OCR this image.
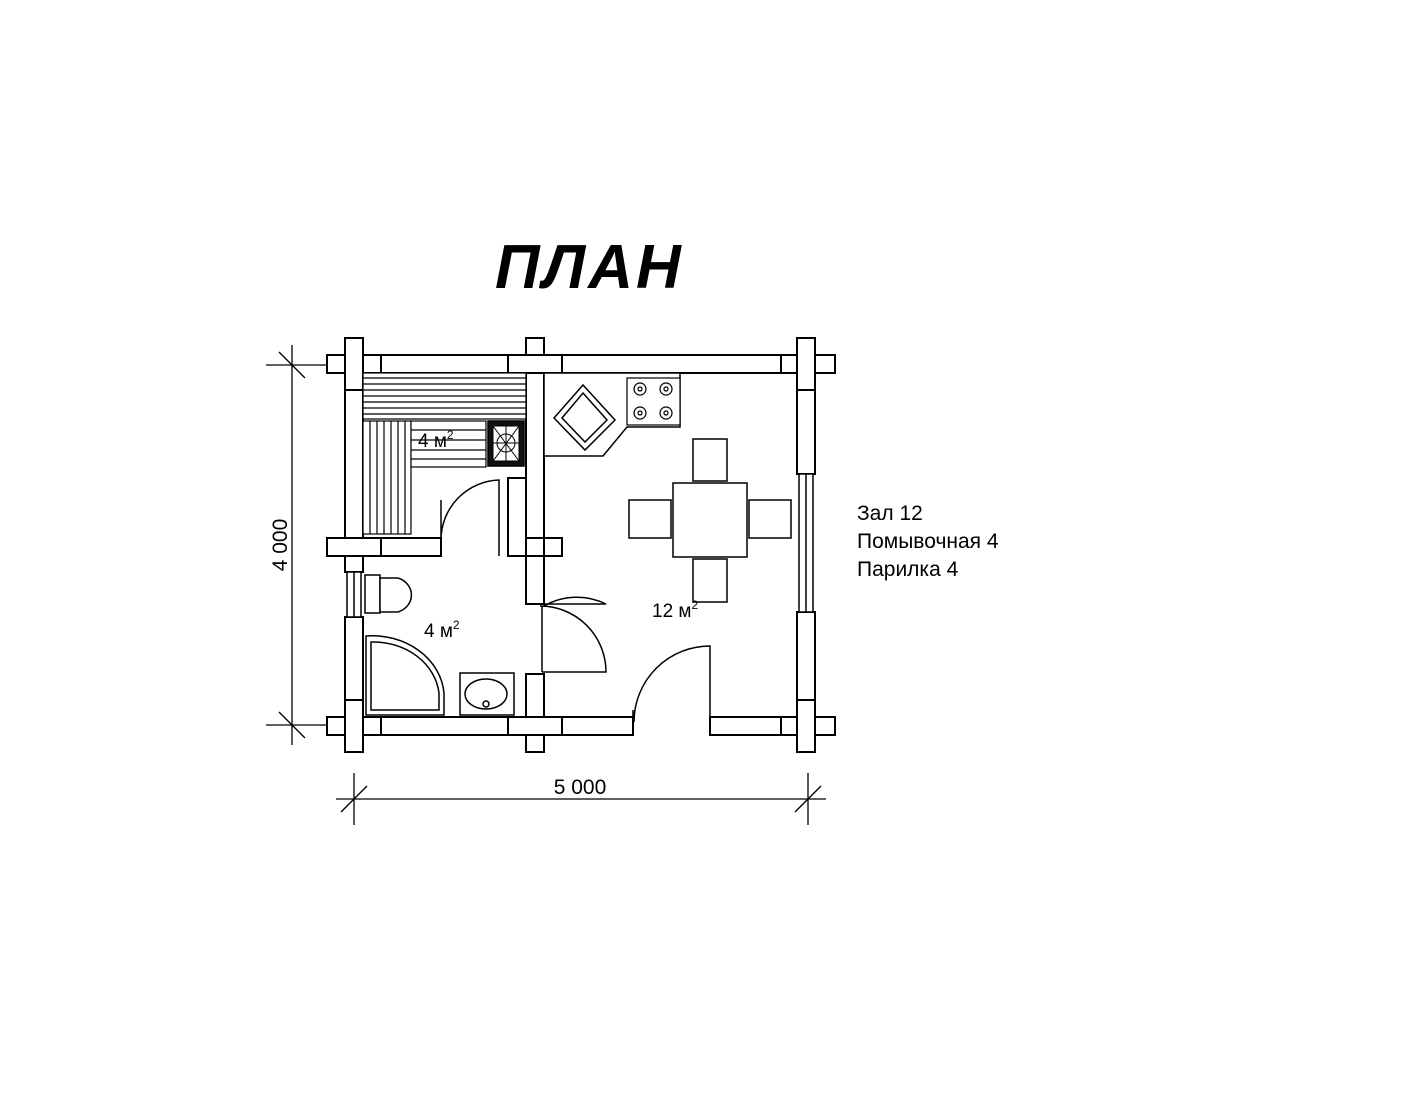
ПЛАН
4 $м^2$
4 $м^2$
12 $м^2$
5 000
4 000
Зал 12
Помывочная 4
Парилка 4
